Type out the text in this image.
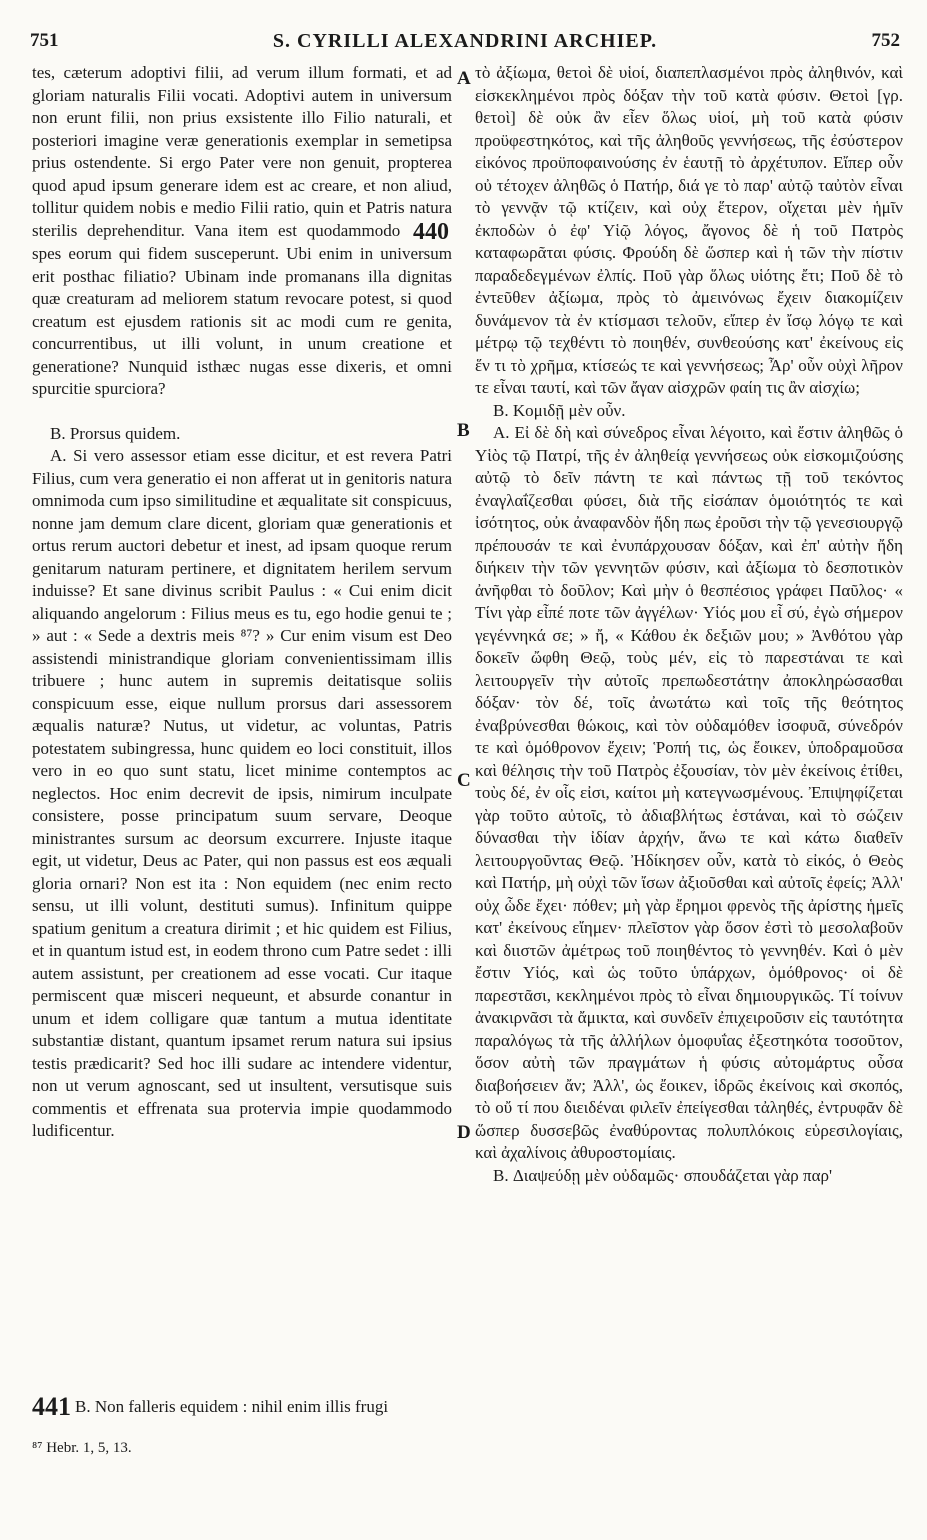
751	S. CYRILLI ALEXANDRINI ARCHIEP.	752
A
B
C
D

tes, cæterum adoptivi filii, ad verum illum formati, et ad gloriam naturalis Filii vocati. Adoptivi autem in universum non erunt filii, non prius exsistente illo Filio naturali, et posteriori imagine veræ generationis exemplar in semetipsa prius ostendente. Si ergo Pater vere non genuit, propterea quod apud ipsum generare idem est ac creare, et non aliud, tollitur quidem nobis e medio Filii ratio, quin et Patris natura sterilis deprehenditur. Vana item est quodammodo 440 spes eorum qui fidem susceperunt. Ubi enim in universum erit posthac filiatio? Ubinam inde promanans illa dignitas quæ creaturam ad meliorem statum revocare potest, si quod creatum est ejusdem rationis sit ac modi cum re genita, concurrentibus, ut illi volunt, in unum creatione et generatione? Nunquid isthæc nugas esse dixeris, et omni spurcitie spurciora?

B. Prorsus quidem.

A. Si vero assessor etiam esse dicitur, et est revera Patri Filius, cum vera generatio ei non afferat ut in genitoris natura omnimoda cum ipso similitudine et æqualitate sit conspicuus, nonne jam demum clare dicent, gloriam quæ generationis et ortus rerum auctori debetur et inest, ad ipsam quoque rerum genitarum naturam pertinere, et dignitatem herilem servum induisse? Et sane divinus scribit Paulus : « Cui enim dicit aliquando angelorum : Filius meus es tu, ego hodie genui te ; » aut : « Sede a dextris meis ⁸⁷? » Cur enim visum est Deo assistendi ministrandique gloriam convenientissimam illis tribuere ; hunc autem in supremis deitatisque soliis conspicuum esse, eique nullum prorsus dari assessorem æqualis naturæ? Nutus, ut videtur, ac voluntas, Patris potestatem subingressa, hunc quidem eo loci constituit, illos vero in eo quo sunt statu, licet minime contemptos ac neglectos. Hoc enim decrevit de ipsis, nimirum inculpate consistere, posse principatum suum servare, Deoque ministrantes sursum ac deorsum excurrere. Injuste itaque egit, ut videtur, Deus ac Pater, qui non passus est eos æquali gloria ornari? Non est ita : Non equidem (nec enim recto sensu, ut illi volunt, destituti sumus). Infinitum quippe spatium genitum a creatura dirimit ; et hic quidem est Filius, et in quantum istud est, in eodem throno cum Patre sedet : illi autem assistunt, per creationem ad esse vocati. Cur itaque permiscent quæ misceri nequeunt, et absurde conantur in unum et idem colligare quæ tantum a mutua identitate substantiæ distant, quantum ipsamet rerum natura sui ipsius testis prædicarit? Sed hoc illi sudare ac intendere videntur, non ut verum agnoscant, sed ut insultent, versutisque suis commentis et effrenata sua protervia impie quodammodo ludificentur.

441 B. Non falleris equidem : nihil enim illis frugi
⁸⁷ Hebr. 1, 5, 13.

τὸ ἀξίωμα, θετοὶ δὲ υἱοί, διαπεπλασμένοι πρὸς ἀληθινόν, καὶ εἰσκεκλημένοι πρὸς δόξαν τὴν τοῦ κατὰ φύσιν. Θετοὶ [γρ. θετοὶ] δὲ οὐκ ἂν εἶεν ὅλως υἱοί, μὴ τοῦ κατὰ φύσιν προϋφεστηκότος, καὶ τῆς ἀληθοῦς γεννήσεως, τῆς ἐσύστερον εἰκόνος προϋποφαινούσης ἐν ἑαυτῇ τὸ ἀρχέτυπον. Εἴπερ οὖν οὐ τέτοχεν ἀληθῶς ὁ Πατήρ, διά γε τὸ παρ' αὐτῷ ταὐτὸν εἶναι τὸ γεννᾷν τῷ κτίζειν, καὶ οὐχ ἕτερον, οἴχεται μὲν ἡμῖν ἐκποδὼν ὁ ἐφ' Υἱῷ λόγος, ἄγονος δὲ ἡ τοῦ Πατρὸς καταφωρᾶται φύσις. Φρούδη δὲ ὥσπερ καὶ ἡ τῶν τὴν πίστιν παραδεδεγμένων ἐλπίς. Ποῦ γὰρ ὅλως υἱότης ἔτι; Ποῦ δὲ τὸ ἐντεῦθεν ἀξίωμα, πρὸς τὸ ἀμεινόνως ἔχειν διακομίζειν δυνάμενον τὰ ἐν κτίσμασι τελοῦν, εἴπερ ἐν ἴσῳ λόγῳ τε καὶ μέτρῳ τῷ τεχθέντι τὸ ποιηθέν, συνθεούσης κατ' ἐκείνους εἰς ἕν τι τὸ χρῆμα, κτίσεώς τε καὶ γεννήσεως; Ἆρ' οὖν οὐχὶ λῆρον τε εἶναι ταυτί, καὶ τῶν ἄγαν αἰσχρῶν φαίη τις ἂν αἰσχίω;

B. Κομιδῇ μὲν οὖν.

A. Εἰ δὲ δὴ καὶ σύνεδρος εἶναι λέγοιτο, καὶ ἔστιν ἀληθῶς ὁ Υἱὸς τῷ Πατρί, τῆς ἐν ἀληθείᾳ γεννήσεως οὐκ εἰσκομιζούσης αὐτῷ τὸ δεῖν πάντη τε καὶ πάντως τῇ τοῦ τεκόντος ἐναγλαΐζεσθαι φύσει, διὰ τῆς εἰσάπαν ὁμοιότητός τε καὶ ἰσότητος, οὐκ ἀναφανδὸν ἤδη πως ἐροῦσι τὴν τῷ γενεσιουργῷ πρέπουσάν τε καὶ ἐνυπάρχουσαν δόξαν, καὶ ἐπ' αὐτὴν ἤδη διήκειν τὴν τῶν γεννητῶν φύσιν, καὶ ἀξίωμα τὸ δεσποτικὸν ἀνῆφθαι τὸ δοῦλον; Καὶ μὴν ὁ θεσπέσιος γράφει Παῦλος· « Τίνι γὰρ εἶπέ ποτε τῶν ἀγγέλων· Υἱός μου εἶ σύ, ἐγὼ σήμερον γεγέννηκά σε; » ἤ, « Κάθου ἐκ δεξιῶν μου; » Ἀνθότου γὰρ δοκεῖν ὤφθη Θεῷ, τοὺς μέν, εἰς τὸ παρεστάναι τε καὶ λειτουργεῖν τὴν αὐτοῖς πρεπωδεστάτην ἀποκληρώσασθαι δόξαν· τὸν δέ, τοῖς ἀνωτάτω καὶ τοῖς τῆς θεότητος ἐναβρύνεσθαι θώκοις, καὶ τὸν οὐδαμόθεν ἰσοφυᾶ, σύνεδρόν τε καὶ ὁμόθρονον ἔχειν; Ῥοπή τις, ὡς ἔοικεν, ὑποδραμοῦσα καὶ θέλησις τὴν τοῦ Πατρὸς ἐξουσίαν, τὸν μὲν ἐκείνοις ἐτίθει, τοὺς δέ, ἐν οἷς εἰσι, καίτοι μὴ κατεγνωσμένους. Ἐπιψηφίζεται γὰρ τοῦτο αὐτοῖς, τὸ ἀδιαβλήτως ἑστάναι, καὶ τὸ σώζειν δύνασθαι τὴν ἰδίαν ἀρχήν, ἄνω τε καὶ κάτω διαθεῖν λειτουργοῦντας Θεῷ. Ἠδίκησεν οὖν, κατὰ τὸ εἰκός, ὁ Θεὸς καὶ Πατήρ, μὴ οὐχὶ τῶν ἴσων ἀξιοῦσθαι καὶ αὐτοῖς ἐφείς; Ἀλλ' οὐχ ὧδε ἔχει· πόθεν; μὴ γὰρ ἔρημοι φρενὸς τῆς ἀρίστης ἡμεῖς κατ' ἐκείνους εἴημεν· πλεῖστον γὰρ ὅσον ἐστὶ τὸ μεσολαβοῦν καὶ διιστῶν ἀμέτρως τοῦ ποιηθέντος τὸ γεννηθέν. Καὶ ὁ μὲν ἔστιν Υἱός, καὶ ὡς τοῦτο ὑπάρχων, ὁμόθρονος· οἱ δὲ παρεστᾶσι, κεκλημένοι πρὸς τὸ εἶναι δημιουργικῶς. Τί τοίνυν ἀνακιρνᾶσι τὰ ἄμικτα, καὶ συνδεῖν ἐπιχειροῦσιν εἰς ταυτότητα παραλόγως τὰ τῆς ἀλλήλων ὁμοφυΐας ἐξεστηκότα τοσοῦτον, ὅσον αὐτὴ τῶν πραγμάτων ἡ φύσις αὐτομάρτυς οὖσα διαβοήσειεν ἄν; Ἀλλ', ὡς ἔοικεν, ἱδρῶς ἐκείνοις καὶ σκοπός, τὸ οὔ τί που διειδέναι φιλεῖν ἐπείγεσθαι τἀληθές, ἐντρυφᾶν δὲ ὥσπερ δυσσεβῶς ἐναθύροντας πολυπλόκοις εὑρεσιλογίαις, καὶ ἀχαλίνοις ἀθυροστομίαις.

B. Διαψεύδῃ μὲν οὐδαμῶς· σπουδάζεται γὰρ παρ'
